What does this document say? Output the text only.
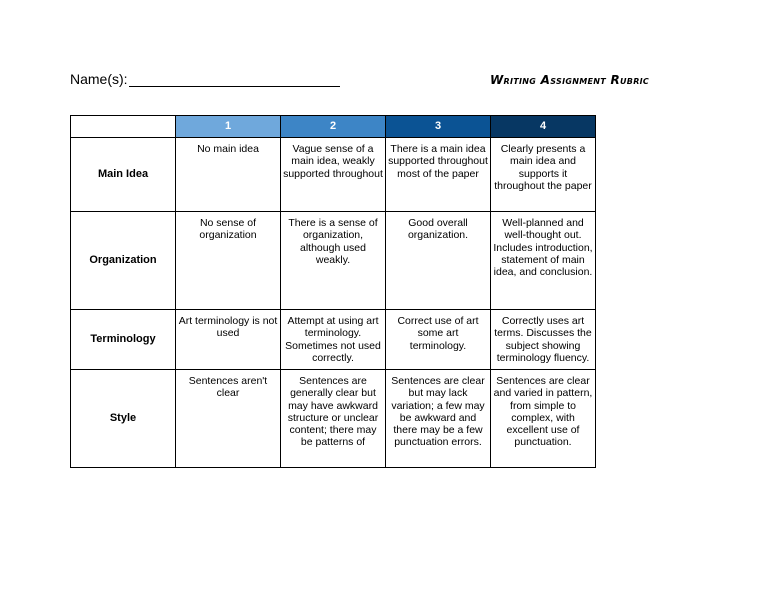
Name(s):	Writing Assignment Rubric
	1	2	3	4
Main Idea	No main idea	Vague sense of a main idea, weakly supported throughout	There is a main idea supported throughout most of the paper	Clearly presents a main idea and supports it throughout the paper
Organization	No sense of organization	There is a sense of organization, although used weakly.	Good overall organization.	Well-planned and well-thought out. Includes introduction, statement of main idea, and conclusion.
Terminology	Art terminology is not used	Attempt at using art terminology. Sometimes not used correctly.	Correct use of art some art terminology.	Correctly uses art terms. Discusses the subject showing terminology fluency.
Style	Sentences aren't clear	Sentences are generally clear but may have awkward structure or unclear content; there may be patterns of	Sentences are clear but may lack variation; a few may be awkward and there may be a few punctuation errors.	Sentences are clear and varied in pattern, from simple to complex, with excellent use of punctuation.
